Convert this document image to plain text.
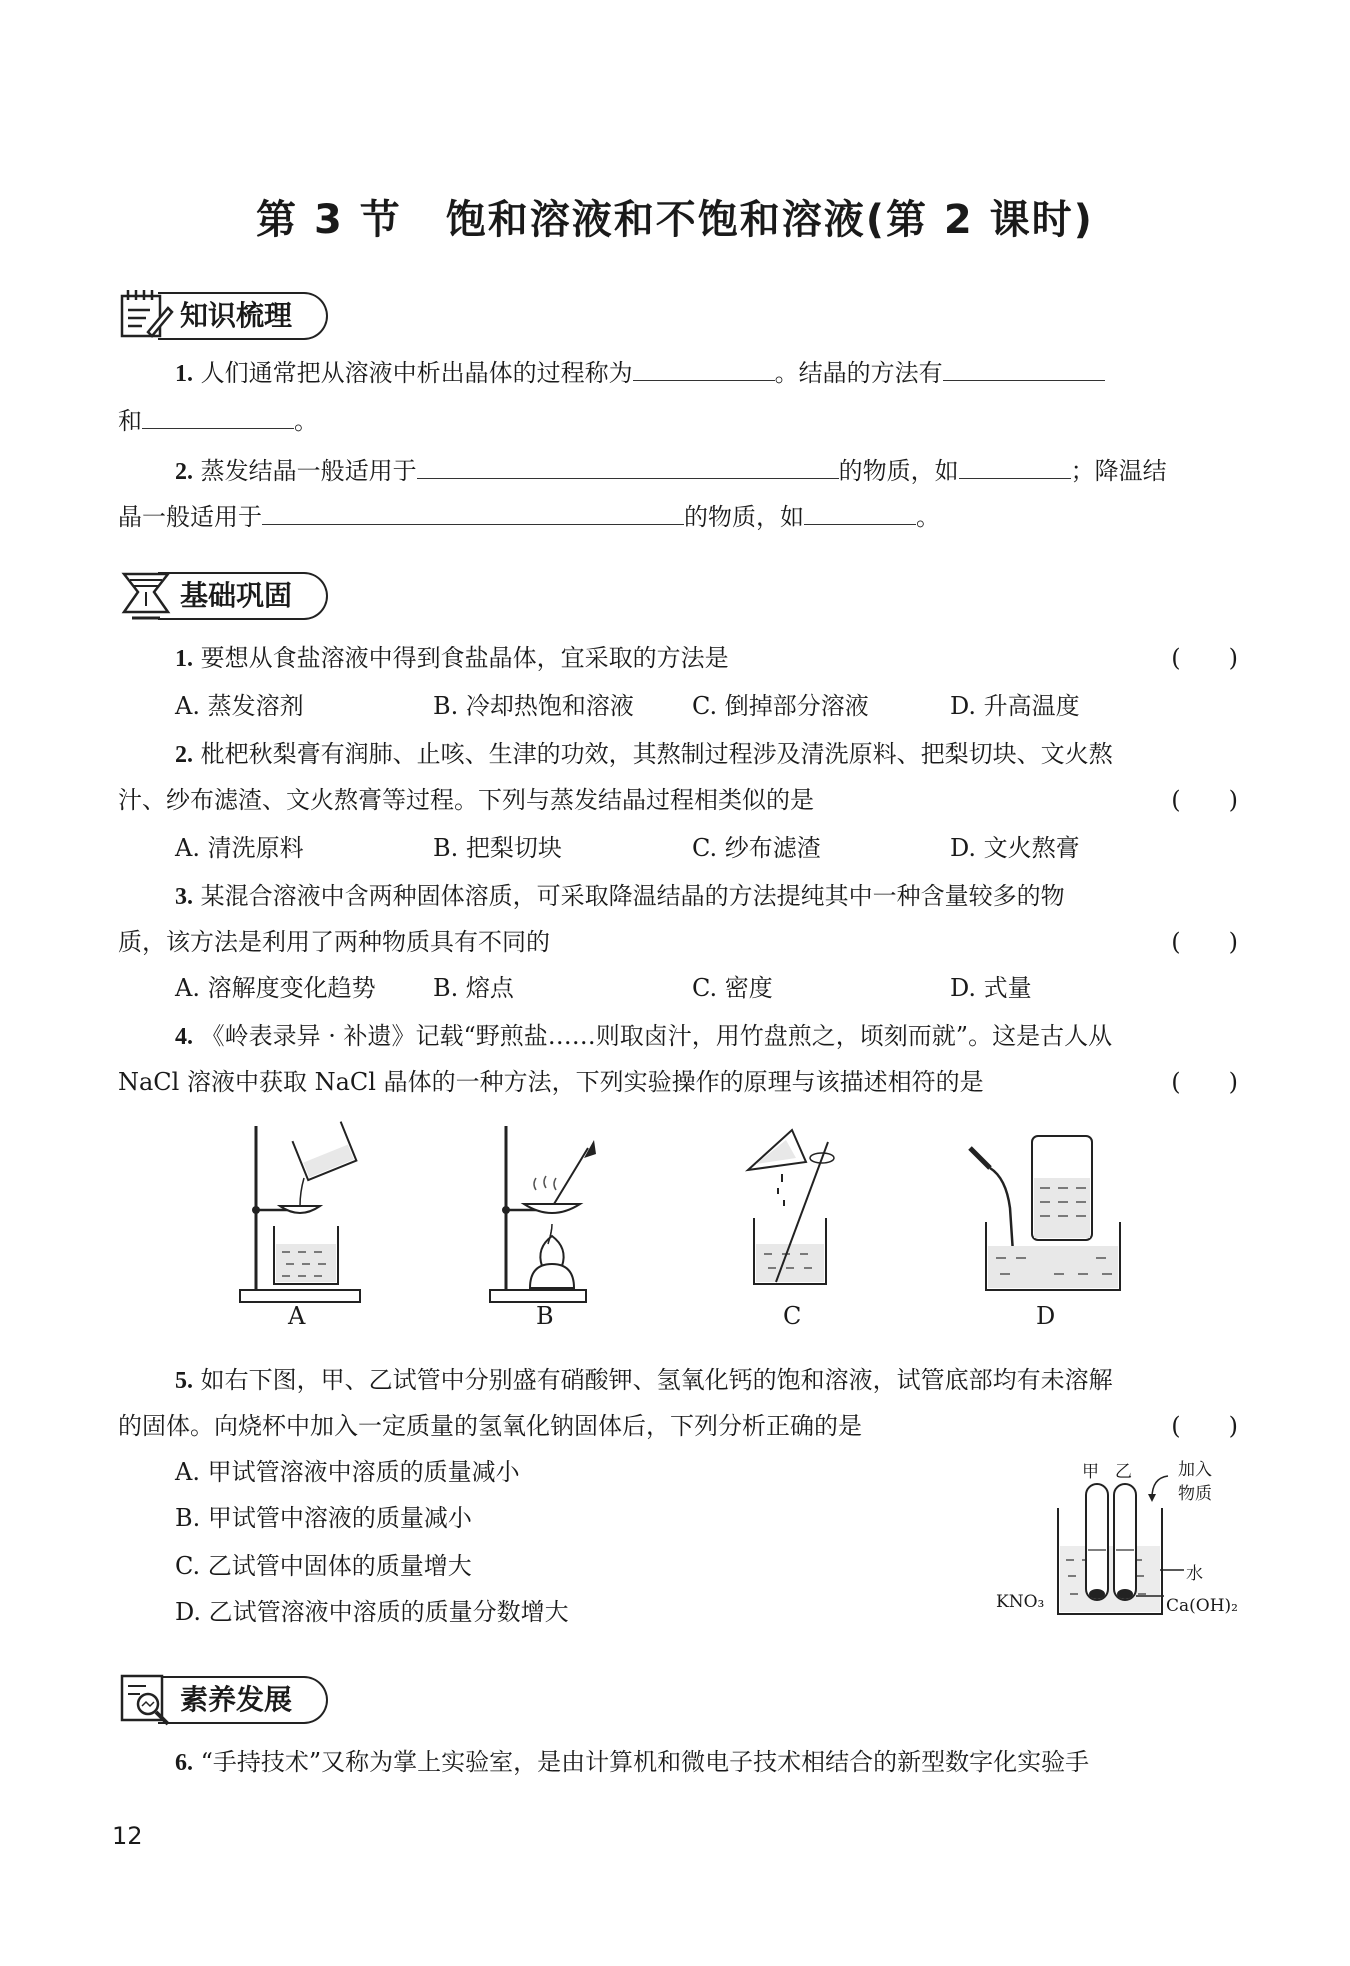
第 3 节 饱和溶液和不饱和溶液(第 2 课时)
知识梳理
1. 人们通常把从溶液中析出晶体的过程称为	。结晶的方法有
和	。
2. 蒸发结晶一般适用于	的物质，如	；降温结
晶一般适用于	的物质，如	。
基础巩固
1. 要想从食盐溶液中得到食盐晶体，宜采取的方法是	(　　)
A. 蒸发溶剂	B. 冷却热饱和溶液 C. 倒掉部分溶液	D. 升高温度
2. 枇杷秋梨膏有润肺、止咳、生津的功效，其熬制过程涉及清洗原料、把梨切块、文火熬
汁、纱布滤渣、文火熬膏等过程。下列与蒸发结晶过程相类似的是	(　　)
A. 清洗原料	B. 把梨切块	C. 纱布滤渣	D. 文火熬膏
3. 某混合溶液中含两种固体溶质，可采取降温结晶的方法提纯其中一种含量较多的物
质，该方法是利用了两种物质具有不同的	(　　)
A. 溶解度变化趋势 B. 熔点	C. 密度	D. 式量
4. 《岭表录异 · 补遗》记载“野煎盐……则取卤汁，用竹盘煎之，顷刻而就”。这是古人从
NaCl 溶液中获取 NaCl 晶体的一种方法，下列实验操作的原理与该描述相符的是	(　　)
A	B	C	D
5. 如右下图，甲、乙试管中分别盛有硝酸钾、氢氧化钙的饱和溶液，试管底部均有未溶解
的固体。向烧杯中加入一定质量的氢氧化钠固体后，下列分析正确的是	(　　)
A. 甲试管溶液中溶质的质量减小
B. 甲试管中溶液的质量减小
C. 乙试管中固体的质量增大
D. 乙试管溶液中溶质的质量分数增大
甲 乙	加入
物质
水
KNO₃	Ca(OH)₂
素养发展
6. “手持技术”又称为掌上实验室，是由计算机和微电子技术相结合的新型数字化实验手
12
